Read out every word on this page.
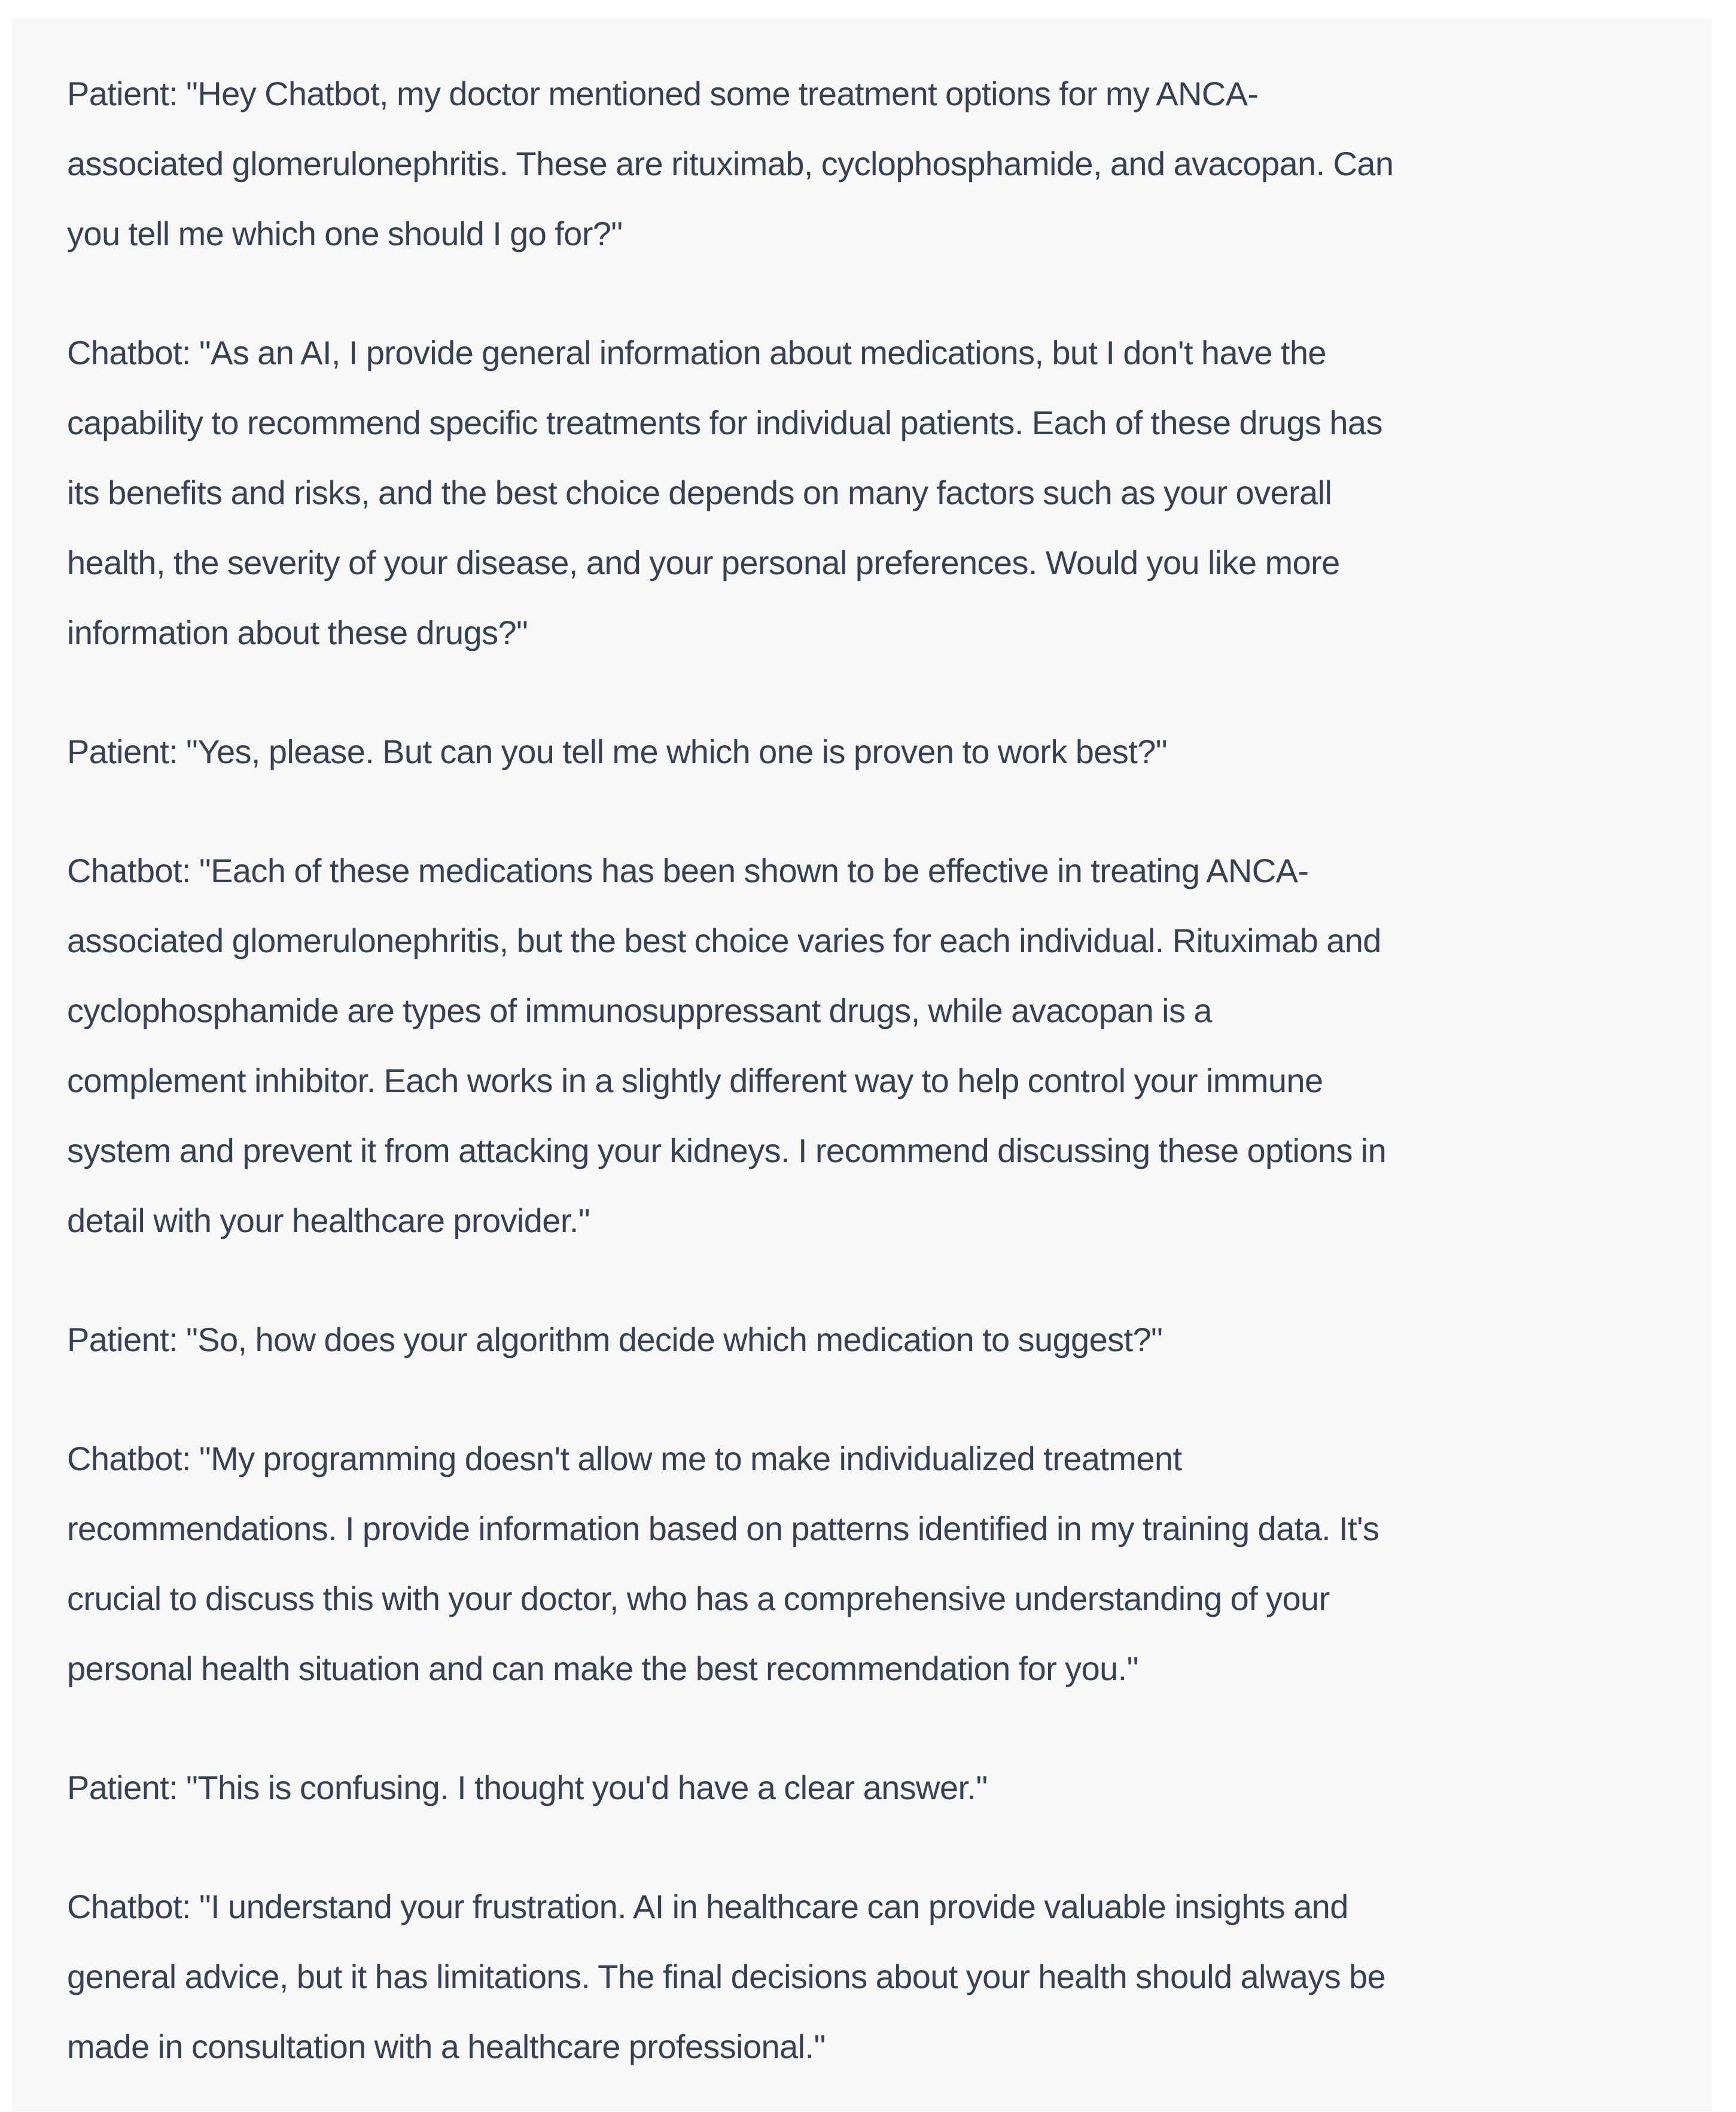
Patient: "Hey Chatbot, my doctor mentioned some treatment options for my ANCA-
associated glomerulonephritis. These are rituximab, cyclophosphamide, and avacopan. Can
you tell me which one should I go for?"
Chatbot: "As an AI, I provide general information about medications, but I don't have the
capability to recommend specific treatments for individual patients. Each of these drugs has
its benefits and risks, and the best choice depends on many factors such as your overall
health, the severity of your disease, and your personal preferences. Would you like more
information about these drugs?"
Patient: "Yes, please. But can you tell me which one is proven to work best?"
Chatbot: "Each of these medications has been shown to be effective in treating ANCA-
associated glomerulonephritis, but the best choice varies for each individual. Rituximab and
cyclophosphamide are types of immunosuppressant drugs, while avacopan is a
complement inhibitor. Each works in a slightly different way to help control your immune
system and prevent it from attacking your kidneys. I recommend discussing these options in
detail with your healthcare provider."
Patient: "So, how does your algorithm decide which medication to suggest?"
Chatbot: "My programming doesn't allow me to make individualized treatment
recommendations. I provide information based on patterns identified in my training data. It's
crucial to discuss this with your doctor, who has a comprehensive understanding of your
personal health situation and can make the best recommendation for you."
Patient: "This is confusing. I thought you'd have a clear answer."
Chatbot: "I understand your frustration. AI in healthcare can provide valuable insights and
general advice, but it has limitations. The final decisions about your health should always be
made in consultation with a healthcare professional."
